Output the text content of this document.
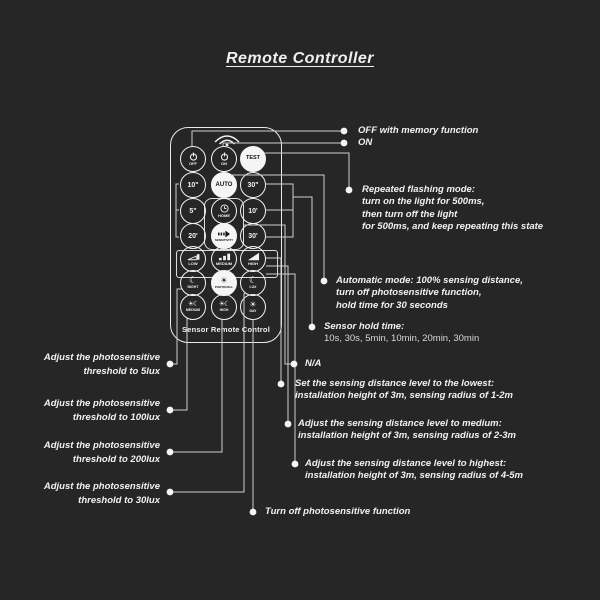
Remote Controller
OFF	ON
TEST
10"	AUTO 30"
5"
HOME
10'
20'
SENSITIVITY
30'
LOW	MEDIUM	HIGH
☾
NIGHT
☀
PHOTOCELL
☾
LUX
☀☾
MEDIUM
☀☾
HIGH
☀
DAY
Sensor Remote Control
OFF with memory function
ON
Repeated flashing mode:
turn on the light for 500ms,
then turn off the light
for 500ms, and keep repeating this state
Automatic mode: 100% sensing distance,
turn off photosensitive function,
hold time for 30 seconds
Sensor hold time:
10s, 30s, 5min, 10min, 20min, 30min
N/A
Set the sensing distance level to the lowest:
installation height of 3m, sensing radius of 1-2m
Adjust the sensing distance level to medium:
installation height of 3m, sensing radius of 2-3m
Adjust the sensing distance level to highest:
installation height of 3m, sensing radius of 4-5m
Turn off photosensitive function
Adjust the photosensitive
threshold to 5lux
Adjust the photosensitive
threshold to 100lux
Adjust the photosensitive
threshold to 200lux
Adjust the photosensitive
threshold to 30lux
